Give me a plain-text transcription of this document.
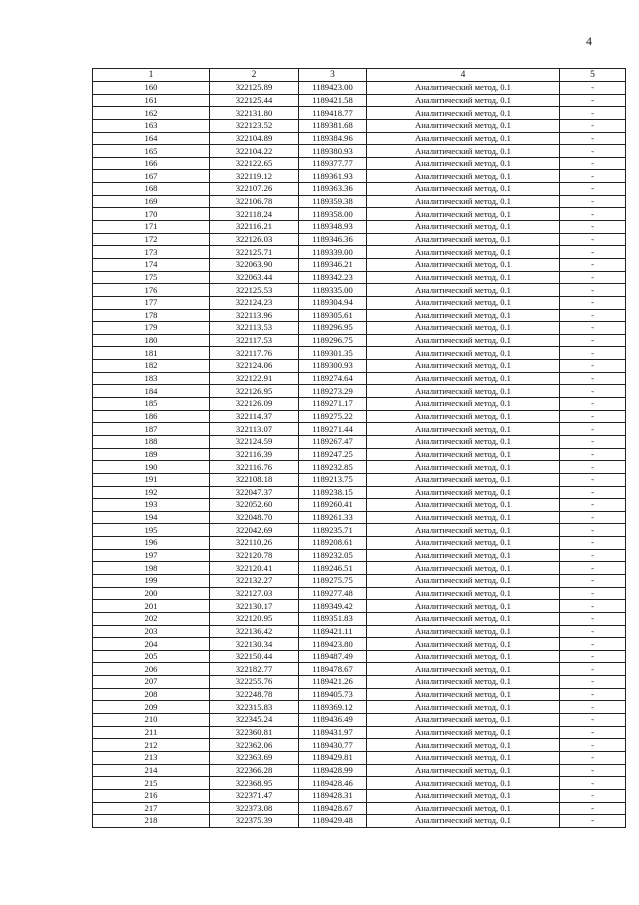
4
1	2	3	4	5
160	322125.89	1189423.00	Аналитический метод, 0.1	-
161	322125.44	1189421.58	Аналитический метод, 0.1	-
162	322131.80	1189418.77	Аналитический метод, 0.1	-
163	322123.52	1189381.68	Аналитический метод, 0.1	-
164	322104.89	1189384.96	Аналитический метод, 0.1	-
165	322104.22	1189380.93	Аналитический метод, 0.1	-
166	322122.65	1189377.77	Аналитический метод, 0.1	-
167	322119.12	1189361.93	Аналитический метод, 0.1	-
168	322107.26	1189363.36	Аналитический метод, 0.1	-
169	322106.78	1189359.38	Аналитический метод, 0.1	-
170	322118.24	1189358.00	Аналитический метод, 0.1	-
171	322116.21	1189348.93	Аналитический метод, 0.1	-
172	322126.03	1189346.36	Аналитический метод, 0.1	-
173	322125.71	1189339.00	Аналитический метод, 0.1	-
174	322063.90	1189346.21	Аналитический метод, 0.1	-
175	322063.44	1189342.23	Аналитический метод, 0.1	-
176	322125.53	1189335.00	Аналитический метод, 0.1	-
177	322124.23	1189304.94	Аналитический метод, 0.1	-
178	322113.96	1189305.61	Аналитический метод, 0.1	-
179	322113.53	1189296.95	Аналитический метод, 0.1	-
180	322117.53	1189296.75	Аналитический метод, 0.1	-
181	322117.76	1189301.35	Аналитический метод, 0.1	-
182	322124.06	1189300.93	Аналитический метод, 0.1	-
183	322122.91	1189274.64	Аналитический метод, 0.1	-
184	322126.95	1189273.29	Аналитический метод, 0.1	-
185	322126.09	1189271.17	Аналитический метод, 0.1	-
186	322114.37	1189275.22	Аналитический метод, 0.1	-
187	322113.07	1189271.44	Аналитический метод, 0.1	-
188	322124.59	1189267.47	Аналитический метод, 0.1	-
189	322116.39	1189247.25	Аналитический метод, 0.1	-
190	322116.76	1189232.85	Аналитический метод, 0.1	-
191	322108.18	1189213.75	Аналитический метод, 0.1	-
192	322047.37	1189238.15	Аналитический метод, 0.1	-
193	322052.60	1189260.41	Аналитический метод, 0.1	-
194	322048.70	1189261.33	Аналитический метод, 0.1	-
195	322042.69	1189235.71	Аналитический метод, 0.1	-
196	322110.26	1189208.61	Аналитический метод, 0.1	-
197	322120.78	1189232.05	Аналитический метод, 0.1	-
198	322120.41	1189246.51	Аналитический метод, 0.1	-
199	322132.27	1189275.75	Аналитический метод, 0.1	-
200	322127.03	1189277.48	Аналитический метод, 0.1	-
201	322130.17	1189349.42	Аналитический метод, 0.1	-
202	322120.95	1189351.83	Аналитический метод, 0.1	-
203	322136.42	1189421.11	Аналитический метод, 0.1	-
204	322130.34	1189423.80	Аналитический метод, 0.1	-
205	322150.44	1189487.49	Аналитический метод, 0.1	-
206	322182.77	1189478.67	Аналитический метод, 0.1	-
207	322255.76	1189421.26	Аналитический метод, 0.1	-
208	322248.78	1189405.73	Аналитический метод, 0.1	-
209	322315.83	1189369.12	Аналитический метод, 0.1	-
210	322345.24	1189436.49	Аналитический метод, 0.1	-
211	322360.81	1189431.97	Аналитический метод, 0.1	-
212	322362.06	1189430.77	Аналитический метод, 0.1	-
213	322363.69	1189429.81	Аналитический метод, 0.1	-
214	322366.28	1189428.99	Аналитический метод, 0.1	-
215	322368.95	1189428.46	Аналитический метод, 0.1	-
216	322371.47	1189428.31	Аналитический метод, 0.1	-
217	322373.08	1189428.67	Аналитический метод, 0.1	-
218	322375.39	1189429.48	Аналитический метод, 0.1	-
